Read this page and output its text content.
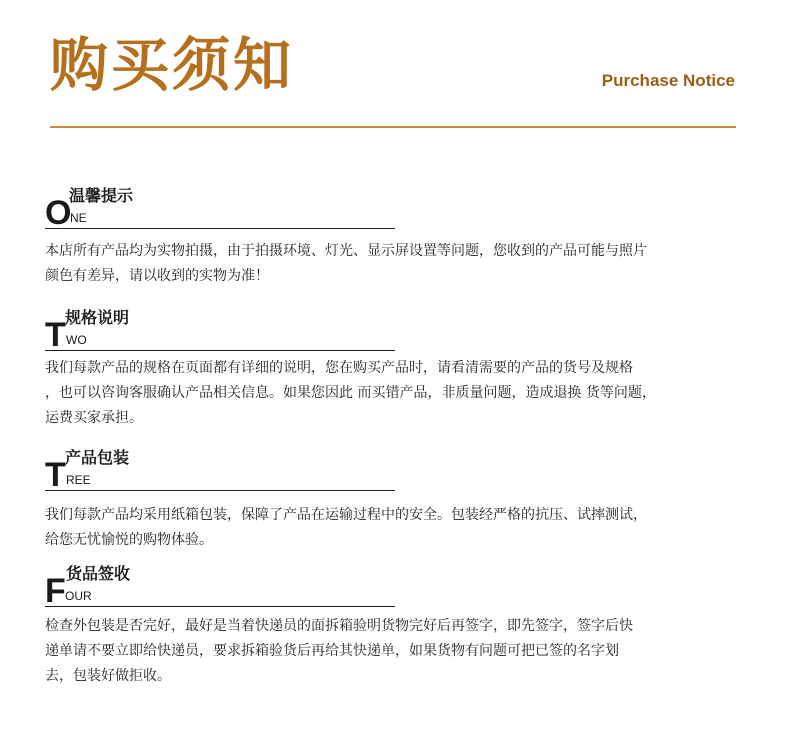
购买须知	Purchase Notice
O
温馨提示
NE

本店所有产品均为实物拍摄，由于拍摄环境、灯光、显示屏设置等问题，您收到的产品可能与照片
颜色有差异，请以收到的实物为准！

T 规格说明
WO

我们每款产品的规格在页面都有详细的说明，您在购买产品时，请看清需要的产品的货号及规格
，也可以咨询客服确认产品相关信息。如果您因此 而买错产品，非质量问题，造成退换 货等问题，
运费买家承担。

T 产品包装
REE

我们每款产品均采用纸箱包装，保障了产品在运输过程中的安全。包装经严格的抗压、试摔测试，
给您无忧愉悦的购物体验。

F 货品签收
OUR

检查外包装是否完好，最好是当着快递员的面拆箱验明货物完好后再签字，即先签字，签字后快
递单请不要立即给快递员，要求拆箱验货后再给其快递单，如果货物有问题可把已签的名字划
去，包装好做拒收。
